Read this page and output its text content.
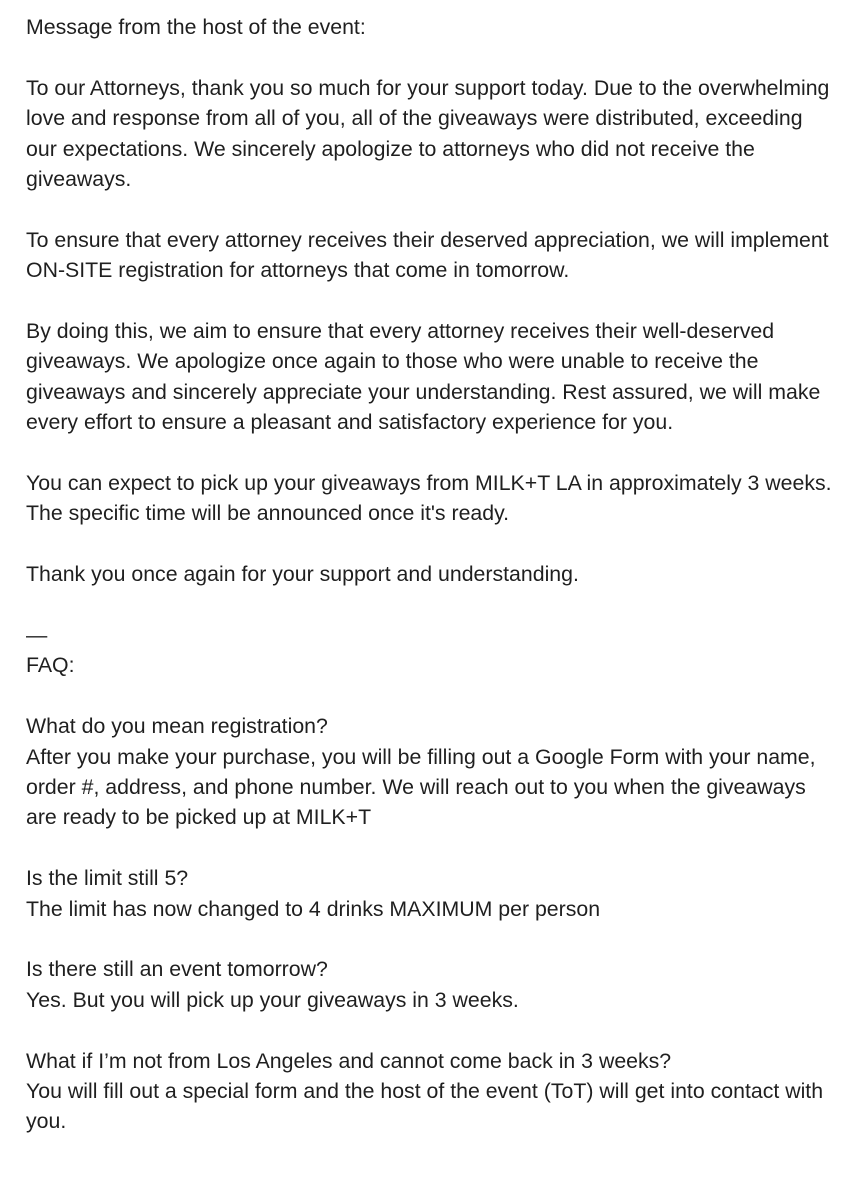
Message from the host of the event:

To our Attorneys, thank you so much for your support today. Due to the overwhelming love and response from all of you, all of the giveaways were distributed, exceeding our expectations. We sincerely apologize to attorneys who did not receive the giveaways.

To ensure that every attorney receives their deserved appreciation, we will implement ON-SITE registration for attorneys that come in tomorrow.

By doing this, we aim to ensure that every attorney receives their well-deserved giveaways. We apologize once again to those who were unable to receive the giveaways and sincerely appreciate your understanding. Rest assured, we will make every effort to ensure a pleasant and satisfactory experience for you.

You can expect to pick up your giveaways from MILK+T LA in approximately 3 weeks. The specific time will be announced once it's ready.

Thank you once again for your support and understanding.

—

FAQ:

What do you mean registration?

After you make your purchase, you will be filling out a Google Form with your name, order #, address, and phone number. We will reach out to you when the giveaways are ready to be picked up at MILK+T

Is the limit still 5?

The limit has now changed to 4 drinks MAXIMUM per person

Is there still an event tomorrow?

Yes. But you will pick up your giveaways in 3 weeks.

What if I’m not from Los Angeles and cannot come back in 3 weeks?

You will fill out a special form and the host of the event (ToT) will get into contact with you.
